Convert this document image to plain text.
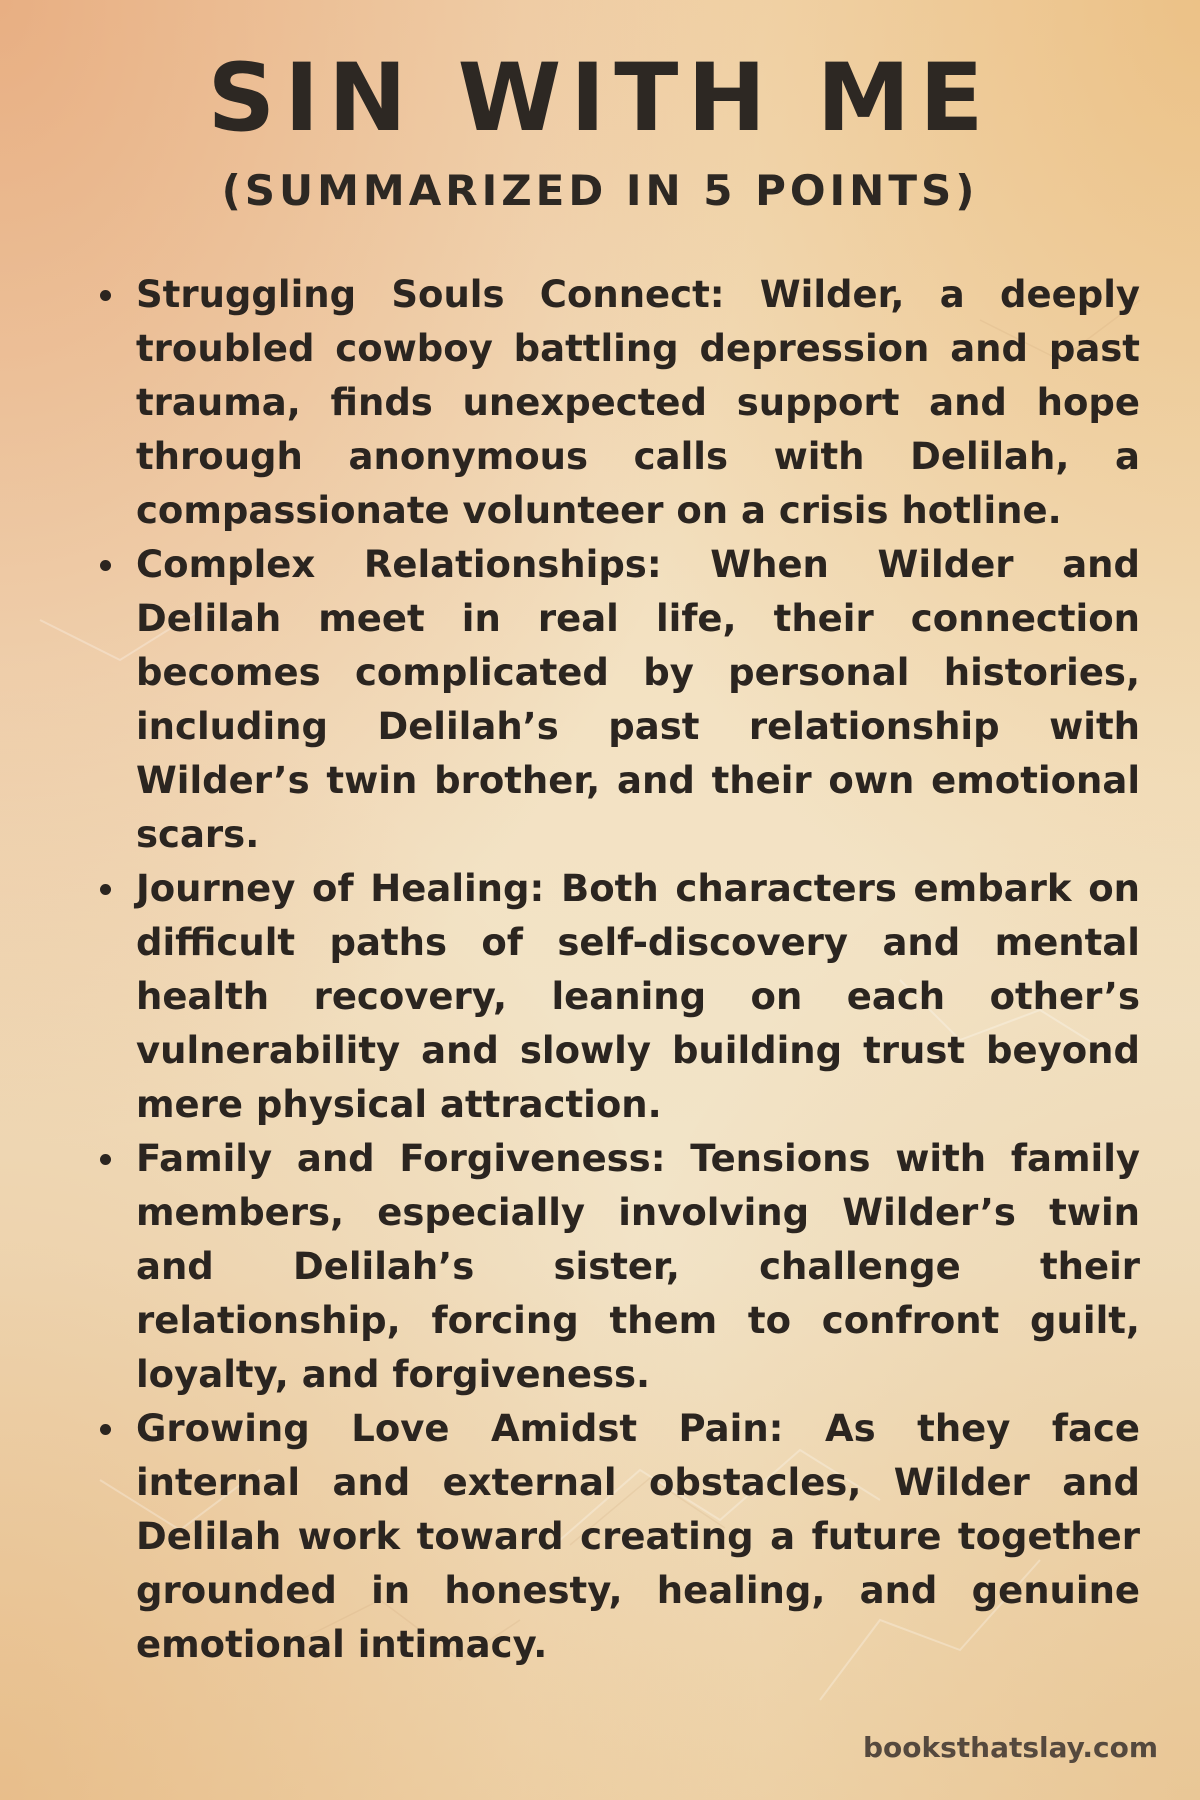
SIN WITH ME
(SUMMARIZED IN 5 POINTS)
Struggling Souls Connect: Wilder, a deeply troubled cowboy battling depression and past trauma, finds unexpected support and hope through anonymous calls with Delilah, a compassionate volunteer on a crisis hotline.
Complex Relationships: When Wilder and Delilah meet in real life, their connection becomes complicated by personal histories, including Delilah’s past relationship with Wilder’s twin brother, and their own emotional scars.
Journey of Healing: Both characters embark on difficult paths of self-discovery and mental health recovery, leaning on each other’s vulnerability and slowly building trust beyond mere physical attraction.
Family and Forgiveness: Tensions with family members, especially involving Wilder’s twin and Delilah’s sister, challenge their relationship, forcing them to confront guilt, loyalty, and forgiveness.
Growing Love Amidst Pain: As they face internal and external obstacles, Wilder and Delilah work toward creating a future together grounded in honesty, healing, and genuine emotional intimacy.
booksthatslay.com
